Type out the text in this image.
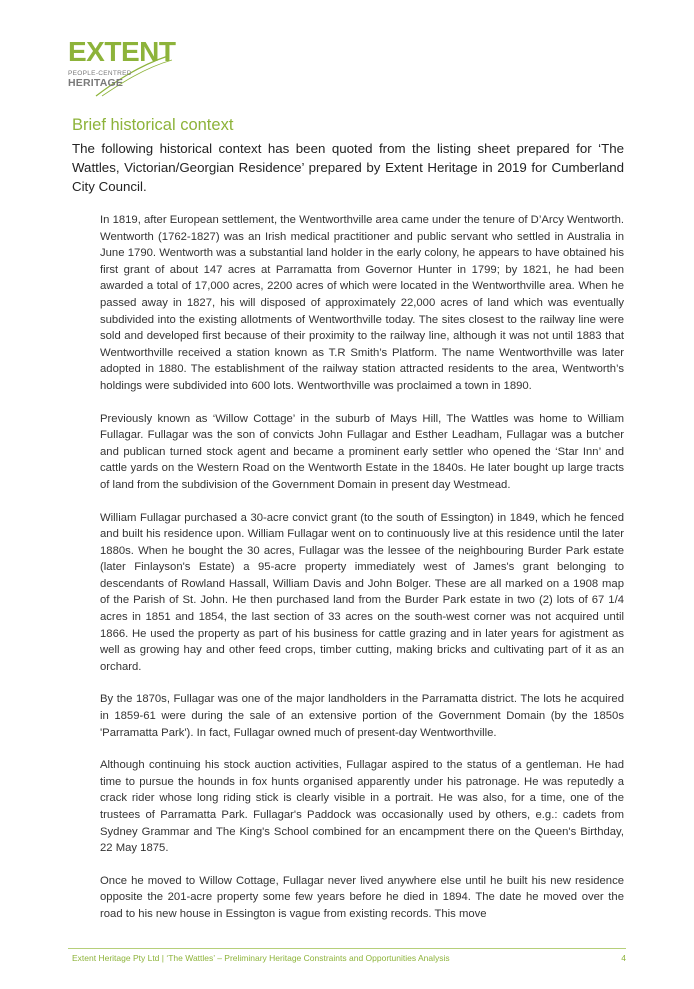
EXTENT
PEOPLE-CENTRED
HERITAGE
Brief historical context

The following historical context has been quoted from the listing sheet prepared for ‘The Wattles, Victorian/Georgian Residence’ prepared by Extent Heritage in 2019 for Cumberland City Council.

In 1819, after European settlement, the Wentworthville area came under the tenure of D’Arcy Wentworth. Wentworth (1762-1827) was an Irish medical practitioner and public servant who settled in Australia in June 1790. Wentworth was a substantial land holder in the early colony, he appears to have obtained his first grant of about 147 acres at Parramatta from Governor Hunter in 1799; by 1821, he had been awarded a total of 17,000 acres, 2200 acres of which were located in the Wentworthville area. When he passed away in 1827, his will disposed of approximately 22,000 acres of land which was eventually subdivided into the existing allotments of Wentworthville today. The sites closest to the railway line were sold and developed first because of their proximity to the railway line, although it was not until 1883 that Wentworthville received a station known as T.R Smith’s Platform. The name Wentworthville was later adopted in 1880. The establishment of the railway station attracted residents to the area, Wentworth’s holdings were subdivided into 600 lots. Wentworthville was proclaimed a town in 1890.

Previously known as ‘Willow Cottage’ in the suburb of Mays Hill, The Wattles was home to William Fullagar. Fullagar was the son of convicts John Fullagar and Esther Leadham, Fullagar was a butcher and publican turned stock agent and became a prominent early settler who opened the ‘Star Inn’ and cattle yards on the Western Road on the Wentworth Estate in the 1840s. He later bought up large tracts of land from the subdivision of the Government Domain in present day Westmead.

William Fullagar purchased a 30-acre convict grant (to the south of Essington) in 1849, which he fenced and built his residence upon. William Fullagar went on to continuously live at this residence until the later 1880s. When he bought the 30 acres, Fullagar was the lessee of the neighbouring Burder Park estate (later Finlayson's Estate) a 95-acre property immediately west of James's grant belonging to descendants of Rowland Hassall, William Davis and John Bolger. These are all marked on a 1908 map of the Parish of St. John. He then purchased land from the Burder Park estate in two (2) lots of 67 1/4 acres in 1851 and 1854, the last section of 33 acres on the south-west corner was not acquired until 1866. He used the property as part of his business for cattle grazing and in later years for agistment as well as growing hay and other feed crops, timber cutting, making bricks and cultivating part of it as an orchard.

By the 1870s, Fullagar was one of the major landholders in the Parramatta district. The lots he acquired in 1859-61 were during the sale of an extensive portion of the Government Domain (by the 1850s 'Parramatta Park'). In fact, Fullagar owned much of present-day Wentworthville.

Although continuing his stock auction activities, Fullagar aspired to the status of a gentleman. He had time to pursue the hounds in fox hunts organised apparently under his patronage. He was reputedly a crack rider whose long riding stick is clearly visible in a portrait. He was also, for a time, one of the trustees of Parramatta Park. Fullagar's Paddock was occasionally used by others, e.g.: cadets from Sydney Grammar and The King's School combined for an encampment there on the Queen's Birthday, 22 May 1875.

Once he moved to Willow Cottage, Fullagar never lived anywhere else until he built his new residence opposite the 201-acre property some few years before he died in 1894. The date he moved over the road to his new house in Essington is vague from existing records. This move

Extent Heritage Pty Ltd | ‘The Wattles’ – Preliminary Heritage Constraints and Opportunities Analysis	4
